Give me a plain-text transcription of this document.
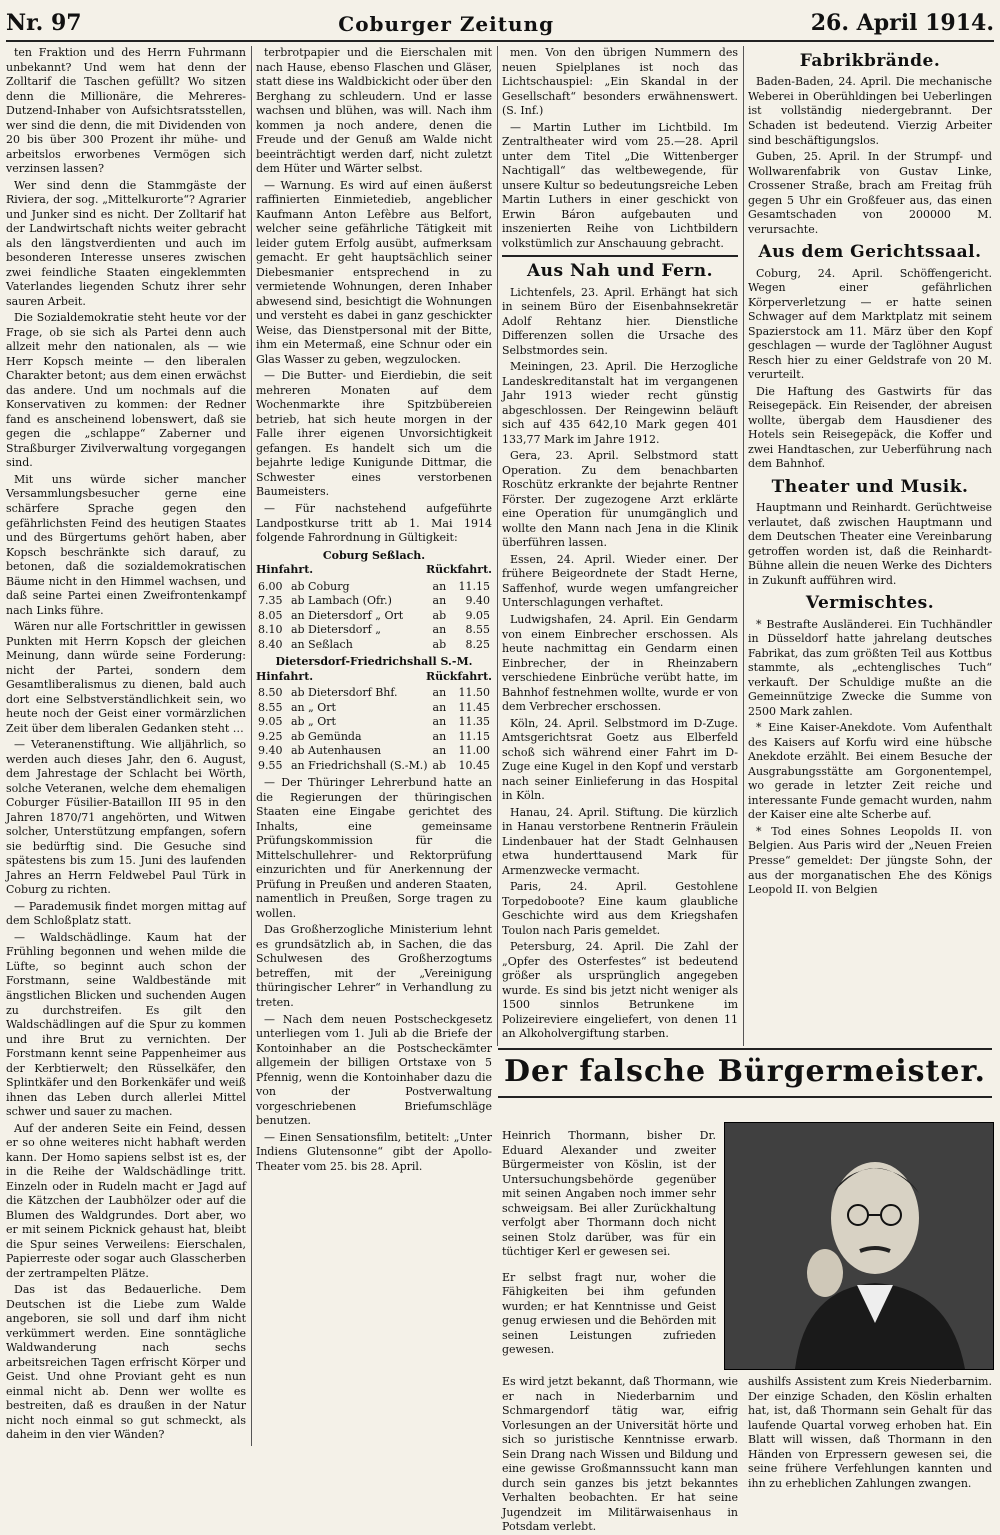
Nr. 97	Coburger Zeitung	26. April 1914.

ten Fraktion und des Herrn Fuhrmann unbekannt? Und wem hat denn der Zolltarif die Taschen gefüllt? Wo sitzen denn die Millionäre, die Mehreres-Dutzend-Inhaber von Aufsichtsratsstellen, wer sind die denn, die mit Dividenden von 20 bis über 300 Prozent ihr mühe- und arbeitslos erworbenes Vermögen sich verzinsen lassen?

Wer sind denn die Stammgäste der Riviera, der sog. „Mittelkurorte“? Agrarier und Junker sind es nicht. Der Zolltarif hat der Landwirtschaft nichts weiter gebracht als den längstverdienten und auch im besonderen Interesse unseres zwischen zwei feindliche Staaten eingeklemmten Vaterlandes liegenden Schutz ihrer sehr sauren Arbeit.

Die Sozialdemokratie steht heute vor der Frage, ob sie sich als Partei denn auch allzeit mehr den nationalen, als — wie Herr Kopsch meinte — den liberalen Charakter betont; aus dem einen erwächst das andere. Und um nochmals auf die Konservativen zu kommen: der Redner fand es anscheinend lobenswert, daß sie gegen die „schlappe“ Zaberner und Straßburger Zivilverwaltung vorgegangen sind.

Mit uns würde sicher mancher Versammlungsbesucher gerne eine schärfere Sprache gegen den gefährlichsten Feind des heutigen Staates und des Bürgertums gehört haben, aber Kopsch beschränkte sich darauf, zu betonen, daß die sozialdemokratischen Bäume nicht in den Himmel wachsen, und daß seine Partei einen Zweifrontenkampf nach Links führe.

Wären nur alle Fortschrittler in gewissen Punkten mit Herrn Kopsch der gleichen Meinung, dann würde seine Forderung: nicht der Partei, sondern dem Gesamtliberalismus zu dienen, bald auch dort eine Selbstverständlichkeit sein, wo heute noch der Geist einer vormärzlichen Zeit über dem liberalen Gedanken steht …

— Veteranenstiftung. Wie alljährlich, so werden auch dieses Jahr, den 6. August, dem Jahrestage der Schlacht bei Wörth, solche Veteranen, welche dem ehemaligen Coburger Füsilier-Bataillon III 95 in den Jahren 1870/71 angehörten, und Witwen solcher, Unterstützung empfangen, sofern sie bedürftig sind. Die Gesuche sind spätestens bis zum 15. Juni des laufenden Jahres an Herrn Feldwebel Paul Türk in Coburg zu richten.

— Parademusik findet morgen mittag auf dem Schloßplatz statt.

— Waldschädlinge. Kaum hat der Frühling begonnen und wehen milde die Lüfte, so beginnt auch schon der Forstmann, seine Waldbestände mit ängstlichen Blicken und suchenden Augen zu durchstreifen. Es gilt den Waldschädlingen auf die Spur zu kommen und ihre Brut zu vernichten. Der Forstmann kennt seine Pappenheimer aus der Kerbtierwelt; den Rüsselkäfer, den Splintkäfer und den Borkenkäfer und weiß ihnen das Leben durch allerlei Mittel schwer und sauer zu machen.

Auf der anderen Seite ein Feind, dessen er so ohne weiteres nicht habhaft werden kann. Der Homo sapiens selbst ist es, der in die Reihe der Waldschädlinge tritt. Einzeln oder in Rudeln macht er Jagd auf die Kätzchen der Laubhölzer oder auf die Blumen des Waldgrundes. Dort aber, wo er mit seinem Picknick gehaust hat, bleibt die Spur seines Verweilens: Eierschalen, Papierreste oder sogar auch Glasscherben der zertrampelten Plätze.

Das ist das Bedauerliche. Dem Deutschen ist die Liebe zum Walde angeboren, sie soll und darf ihm nicht verkümmert werden. Eine sonntägliche Waldwanderung nach sechs arbeitsreichen Tagen erfrischt Körper und Geist. Und ohne Proviant geht es nun einmal nicht ab. Denn wer wollte es bestreiten, daß es draußen in der Natur nicht noch einmal so gut schmeckt, als daheim in den vier Wänden?

terbrotpapier und die Eierschalen mit nach Hause, ebenso Flaschen und Gläser, statt diese ins Waldbickicht oder über den Berghang zu schleudern. Und er lasse wachsen und blühen, was will. Nach ihm kommen ja noch andere, denen die Freude und der Genuß am Walde nicht beeinträchtigt werden darf, nicht zuletzt dem Hüter und Wärter selbst.

— Warnung. Es wird auf einen äußerst raffinierten Einmietedieb, angeblicher Kaufmann Anton Lefèbre aus Belfort, welcher seine gefährliche Tätigkeit mit leider gutem Erfolg ausübt, aufmerksam gemacht. Er geht hauptsächlich seiner Diebesmanier entsprechend in zu vermietende Wohnungen, deren Inhaber abwesend sind, besichtigt die Wohnungen und versteht es dabei in ganz geschickter Weise, das Dienstpersonal mit der Bitte, ihm ein Metermaß, eine Schnur oder ein Glas Wasser zu geben, wegzulocken.

— Die Butter- und Eierdiebin, die seit mehreren Monaten auf dem Wochenmarkte ihre Spitzbübereien betrieb, hat sich heute morgen in der Falle ihrer eigenen Unvorsichtigkeit gefangen. Es handelt sich um die bejahrte ledige Kunigunde Dittmar, die Schwester eines verstorbenen Baumeisters.

— Für nachstehend aufgeführte Landpostkurse tritt ab 1. Mai 1914 folgende Fahrordnung in Gültigkeit:

Coburg Seßlach.
Hinfahrt.	Rückfahrt.
6.00	ab Coburg	an	11.15
7.35	ab Lambach (Ofr.)	an	9.40
8.05	an Dietersdorf „ Ort	ab	9.05
8.10	ab Dietersdorf „	an	8.55
8.40	an Seßlach	ab	8.25
Dietersdorf-Friedrichshall S.-M.
Hinfahrt.	Rückfahrt.
8.50	ab Dietersdorf Bhf.	an	11.50
8.55	an „ Ort	an	11.45
9.05	ab „ Ort	an	11.35
9.25	ab Gemünda	an	11.15
9.40	ab Autenhausen	an	11.00
9.55	an Friedrichshall (S.-M.)	ab	10.45

— Der Thüringer Lehrerbund hatte an die Regierungen der thüringischen Staaten eine Eingabe gerichtet des Inhalts, eine gemeinsame Prüfungskommission für die Mittelschullehrer- und Rektorprüfung einzurichten und für Anerkennung der Prüfung in Preußen und anderen Staaten, namentlich in Preußen, Sorge tragen zu wollen.

Das Großherzogliche Ministerium lehnt es grundsätzlich ab, in Sachen, die das Schulwesen des Großherzogtums betreffen, mit der „Vereinigung thüringischer Lehrer“ in Verhandlung zu treten.

— Nach dem neuen Postscheckgesetz unterliegen vom 1. Juli ab die Briefe der Kontoinhaber an die Postscheckämter allgemein der billigen Ortstaxe von 5 Pfennig, wenn die Kontoinhaber dazu die von der Postverwaltung vorgeschriebenen Briefumschläge benutzen.

— Einen Sensationsfilm, betitelt: „Unter Indiens Glutensonne“ gibt der Apollo-Theater vom 25. bis 28. April.

men. Von den übrigen Nummern des neuen Spielplanes ist noch das Lichtschauspiel: „Ein Skandal in der Gesellschaft“ besonders erwähnenswert. (S. Inf.)

— Martin Luther im Lichtbild. Im Zentraltheater wird vom 25.—28. April unter dem Titel „Die Wittenberger Nachtigall“ das weltbewegende, für unsere Kultur so bedeutungsreiche Leben Martin Luthers in einer geschickt von Erwin Báron aufgebauten und inszenierten Reihe von Lichtbildern volkstümlich zur Anschauung gebracht.

Aus Nah und Fern.

Lichtenfels, 23. April. Erhängt hat sich in seinem Büro der Eisenbahnsekretär Adolf Rehtanz hier. Dienstliche Differenzen sollen die Ursache des Selbstmordes sein.

Meiningen, 23. April. Die Herzogliche Landeskreditanstalt hat im vergangenen Jahr 1913 wieder recht günstig abgeschlossen. Der Reingewinn beläuft sich auf 435 642,10 Mark gegen 401 133,77 Mark im Jahre 1912.

Gera, 23. April. Selbstmord statt Operation. Zu dem benachbarten Roschütz erkrankte der bejahrte Rentner Förster. Der zugezogene Arzt erklärte eine Operation für unumgänglich und wollte den Mann nach Jena in die Klinik überführen lassen.

Essen, 24. April. Wieder einer. Der frühere Beigeordnete der Stadt Herne, Saffenhof, wurde wegen umfangreicher Unterschlagungen verhaftet.

Ludwigshafen, 24. April. Ein Gendarm von einem Einbrecher erschossen. Als heute nachmittag ein Gendarm einen Einbrecher, der in Rheinzabern verschiedene Einbrüche verübt hatte, im Bahnhof festnehmen wollte, wurde er von dem Verbrecher erschossen.

Köln, 24. April. Selbstmord im D-Zuge. Amtsgerichtsrat Goetz aus Elberfeld schoß sich während einer Fahrt im D-Zuge eine Kugel in den Kopf und verstarb nach seiner Einlieferung in das Hospital in Köln.

Hanau, 24. April. Stiftung. Die kürzlich in Hanau verstorbene Rentnerin Fräulein Lindenbauer hat der Stadt Gelnhausen etwa hunderttausend Mark für Armenzwecke vermacht.

Paris, 24. April. Gestohlene Torpedoboote? Eine kaum glaubliche Geschichte wird aus dem Kriegshafen Toulon nach Paris gemeldet.

Petersburg, 24. April. Die Zahl der „Opfer des Osterfestes“ ist bedeutend größer als ursprünglich angegeben wurde. Es sind bis jetzt nicht weniger als 1500 sinnlos Betrunkene im Polizeireviere eingeliefert, von denen 11 an Alkoholvergiftung starben.

Fabrikbrände.

Baden-Baden, 24. April. Die mechanische Weberei in Oberühldingen bei Ueberlingen ist vollständig niedergebrannt. Der Schaden ist bedeutend. Vierzig Arbeiter sind beschäftigungslos.

Guben, 25. April. In der Strumpf- und Wollwarenfabrik von Gustav Linke, Crossener Straße, brach am Freitag früh gegen 5 Uhr ein Großfeuer aus, das einen Gesamtschaden von 200000 M. verursachte.

Aus dem Gerichtssaal.

Coburg, 24. April. Schöffengericht. Wegen einer gefährlichen Körperverletzung — er hatte seinen Schwager auf dem Marktplatz mit seinem Spazierstock am 11. März über den Kopf geschlagen — wurde der Taglöhner August Resch hier zu einer Geldstrafe von 20 M. verurteilt.

Die Haftung des Gastwirts für das Reisegepäck. Ein Reisender, der abreisen wollte, übergab dem Hausdiener des Hotels sein Reisegepäck, die Koffer und zwei Handtaschen, zur Ueberführung nach dem Bahnhof.

Theater und Musik.

Hauptmann und Reinhardt. Gerüchtweise verlautet, daß zwischen Hauptmann und dem Deutschen Theater eine Vereinbarung getroffen worden ist, daß die Reinhardt-Bühne allein die neuen Werke des Dichters in Zukunft aufführen wird.

Vermischtes.

* Bestrafte Ausländerei. Ein Tuchhändler in Düsseldorf hatte jahrelang deutsches Fabrikat, das zum größten Teil aus Kottbus stammte, als „echtenglisches Tuch“ verkauft. Der Schuldige mußte an die Gemeinnützige Zwecke die Summe von 2500 Mark zahlen.

* Eine Kaiser-Anekdote. Vom Aufenthalt des Kaisers auf Korfu wird eine hübsche Anekdote erzählt. Bei einem Besuche der Ausgrabungsstätte am Gorgonentempel, wo gerade in letzter Zeit reiche und interessante Funde gemacht wurden, nahm der Kaiser eine alte Scherbe auf.

* Tod eines Sohnes Leopolds II. von Belgien. Aus Paris wird der „Neuen Freien Presse“ gemeldet: Der jüngste Sohn, der aus der morganatischen Ehe des Königs Leopold II. von Belgien

Der falsche Bürgermeister.

Heinrich Thormann, bisher Dr. Eduard Alexander und zweiter Bürgermeister von Köslin, ist der Untersuchungsbehörde gegenüber mit seinen Angaben noch immer sehr schweigsam. Bei aller Zurückhaltung verfolgt aber Thormann doch nicht seinen Stolz darüber, was für ein tüchtiger Kerl er gewesen sei.

Er selbst fragt nur, woher die Fähigkeiten bei ihm gefunden wurden; er hat Kenntnisse und Geist genug erwiesen und die Behörden mit seinen Leistungen zufrieden gewesen.

Es wird jetzt bekannt, daß Thormann, wie er nach in Niederbarnim und Schmargendorf tätig war, eifrig Vorlesungen an der Universität hörte und sich so juristische Kenntnisse erwarb. Sein Drang nach Wissen und Bildung und eine gewisse Großmannssucht kann man durch sein ganzes bis jetzt bekanntes Verhalten beobachten. Er hat seine Jugendzeit im Militärwaisenhaus in Potsdam verlebt.

aushilfs Assistent zum Kreis Niederbarnim. Der einzige Schaden, den Köslin erhalten hat, ist, daß Thormann sein Gehalt für das laufende Quartal vorweg erhoben hat. Ein Blatt will wissen, daß Thormann in den Händen von Erpressern gewesen sei, die seine frühere Verfehlungen kannten und ihn zu erheblichen Zahlungen zwangen.
